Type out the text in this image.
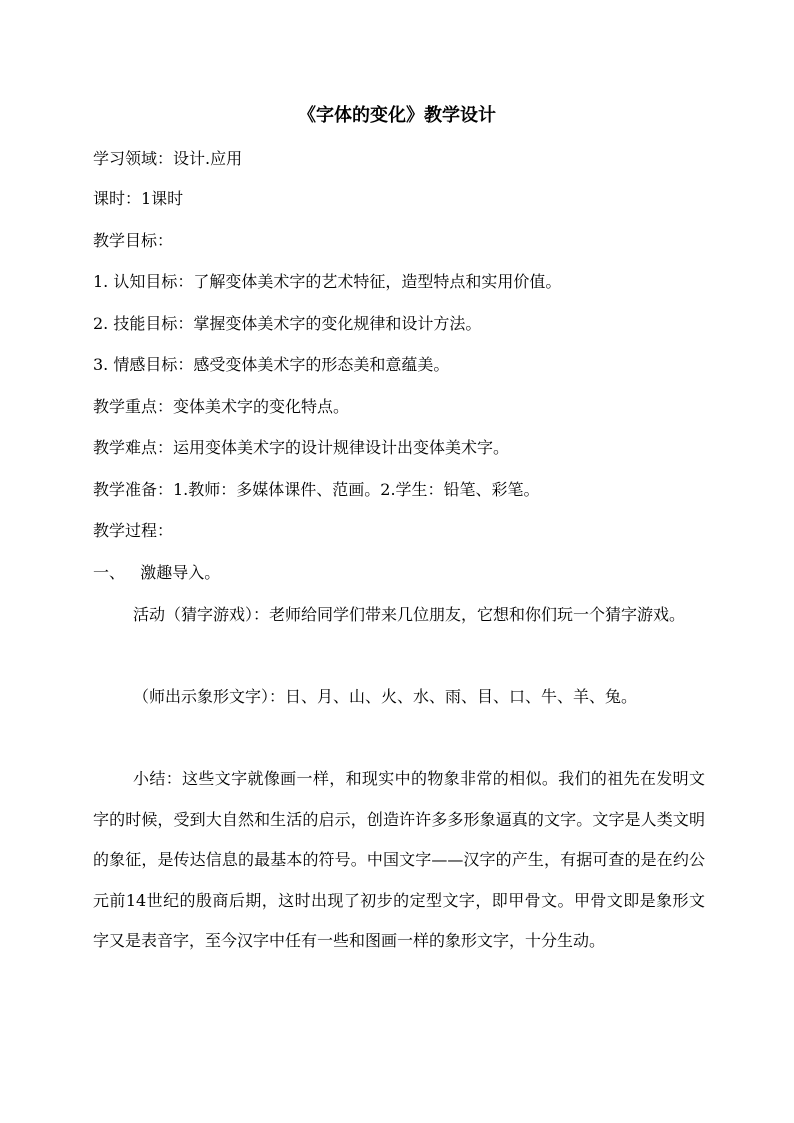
《字体的变化》教学设计
学习领域：设计.应用
课时：1课时
教学目标：
1. 认知目标：了解变体美术字的艺术特征，造型特点和实用价值。
2. 技能目标：掌握变体美术字的变化规律和设计方法。
3. 情感目标：感受变体美术字的形态美和意蕴美。
教学重点：变体美术字的变化特点。
教学难点：运用变体美术字的设计规律设计出变体美术字。
教学准备：1.教师：多媒体课件、范画。2.学生：铅笔、彩笔。
教学过程：
一、   激趣导入。
活动（猜字游戏）：老师给同学们带来几位朋友，它想和你们玩一个猜字游戏。
（师出示象形文字）：日、月、山、火、水、雨、目、口、牛、羊、兔。
小结：这些文字就像画一样，和现实中的物象非常的相似。我们的祖先在发明文字的时候，受到大自然和生活的启示，创造许许多多形象逼真的文字。文字是人类文明的象征，是传达信息的最基本的符号。中国文字——汉字的产生，有据可查的是在约公元前14世纪的殷商后期，这时出现了初步的定型文字，即甲骨文。甲骨文即是象形文字又是表音字，至今汉字中任有一些和图画一样的象形文字，十分生动。
